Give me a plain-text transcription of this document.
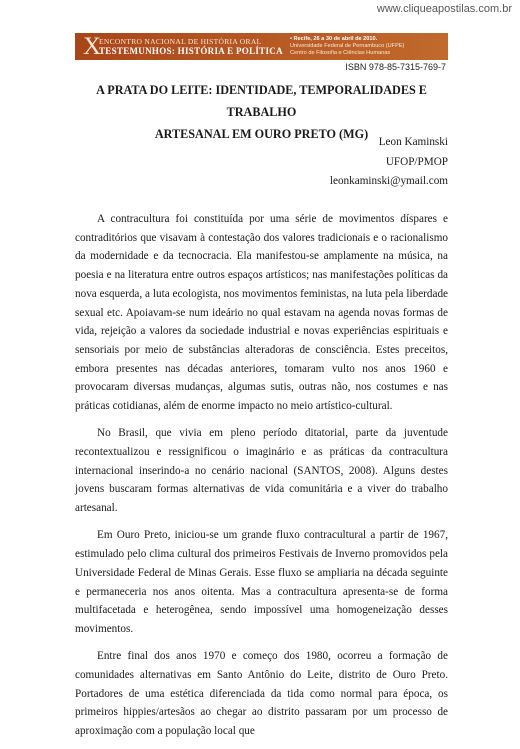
www.cliqueapostilas.com.br
X
ENCONTRO NACIONAL DE HISTÓRIA ORAL
TESTEMUNHOS: HISTÓRIA E POLÍTICA
• Recife, 26 a 30 de abril de 2010.
Universidade Federal de Pernambuco (UFPE)
Centro de Filosofia e Ciências Humanas
ISBN 978-85-7315-769-7
A PRATA DO LEITE: IDENTIDADE, TEMPORALIDADES E TRABALHO
ARTESANAL EM OURO PRETO (MG)
Leon Kaminski
UFOP/PMOP
leonkaminski@ymail.com

A contracultura foi constituída por uma série de movimentos díspares e contraditórios que visavam à contestação dos valores tradicionais e o racionalismo da modernidade e da tecnocracia. Ela manifestou-se amplamente na música, na poesia e na literatura entre outros espaços artísticos; nas manifestações políticas da nova esquerda, a luta ecologista, nos movimentos feministas, na luta pela liberdade sexual etc. Apoiavam-se num ideário no qual estavam na agenda novas formas de vida, rejeição a valores da sociedade industrial e novas experiências espirituais e sensoriais por meio de substâncias alteradoras de consciência. Estes preceitos, embora presentes nas décadas anteriores, tomaram vulto nos anos 1960 e provocaram diversas mudanças, algumas sutis, outras não, nos costumes e nas práticas cotidianas, além de enorme impacto no meio artístico-cultural.

No Brasil, que vivia em pleno período ditatorial, parte da juventude recontextualizou e ressignificou o imaginário e as práticas da contracultura internacional inserindo-a no cenário nacional (SANTOS, 2008). Alguns destes jovens buscaram formas alternativas de vida comunitária e a viver do trabalho artesanal.

Em Ouro Preto, iniciou-se um grande fluxo contracultural a partir de 1967, estimulado pelo clima cultural dos primeiros Festivais de Inverno promovidos pela Universidade Federal de Minas Gerais. Esse fluxo se ampliaria na década seguinte e permaneceria nos anos oitenta. Mas a contracultura apresenta-se de forma multifacetada e heterogênea, sendo impossível uma homogeneização desses movimentos.

Entre final dos anos 1970 e começo dos 1980, ocorreu a formação de comunidades alternativas em Santo Antônio do Leite, distrito de Ouro Preto. Portadores de uma estética diferenciada da tida como normal para época, os primeiros hippies/artesãos ao chegar ao distrito passaram por um processo de aproximação com a população local que
